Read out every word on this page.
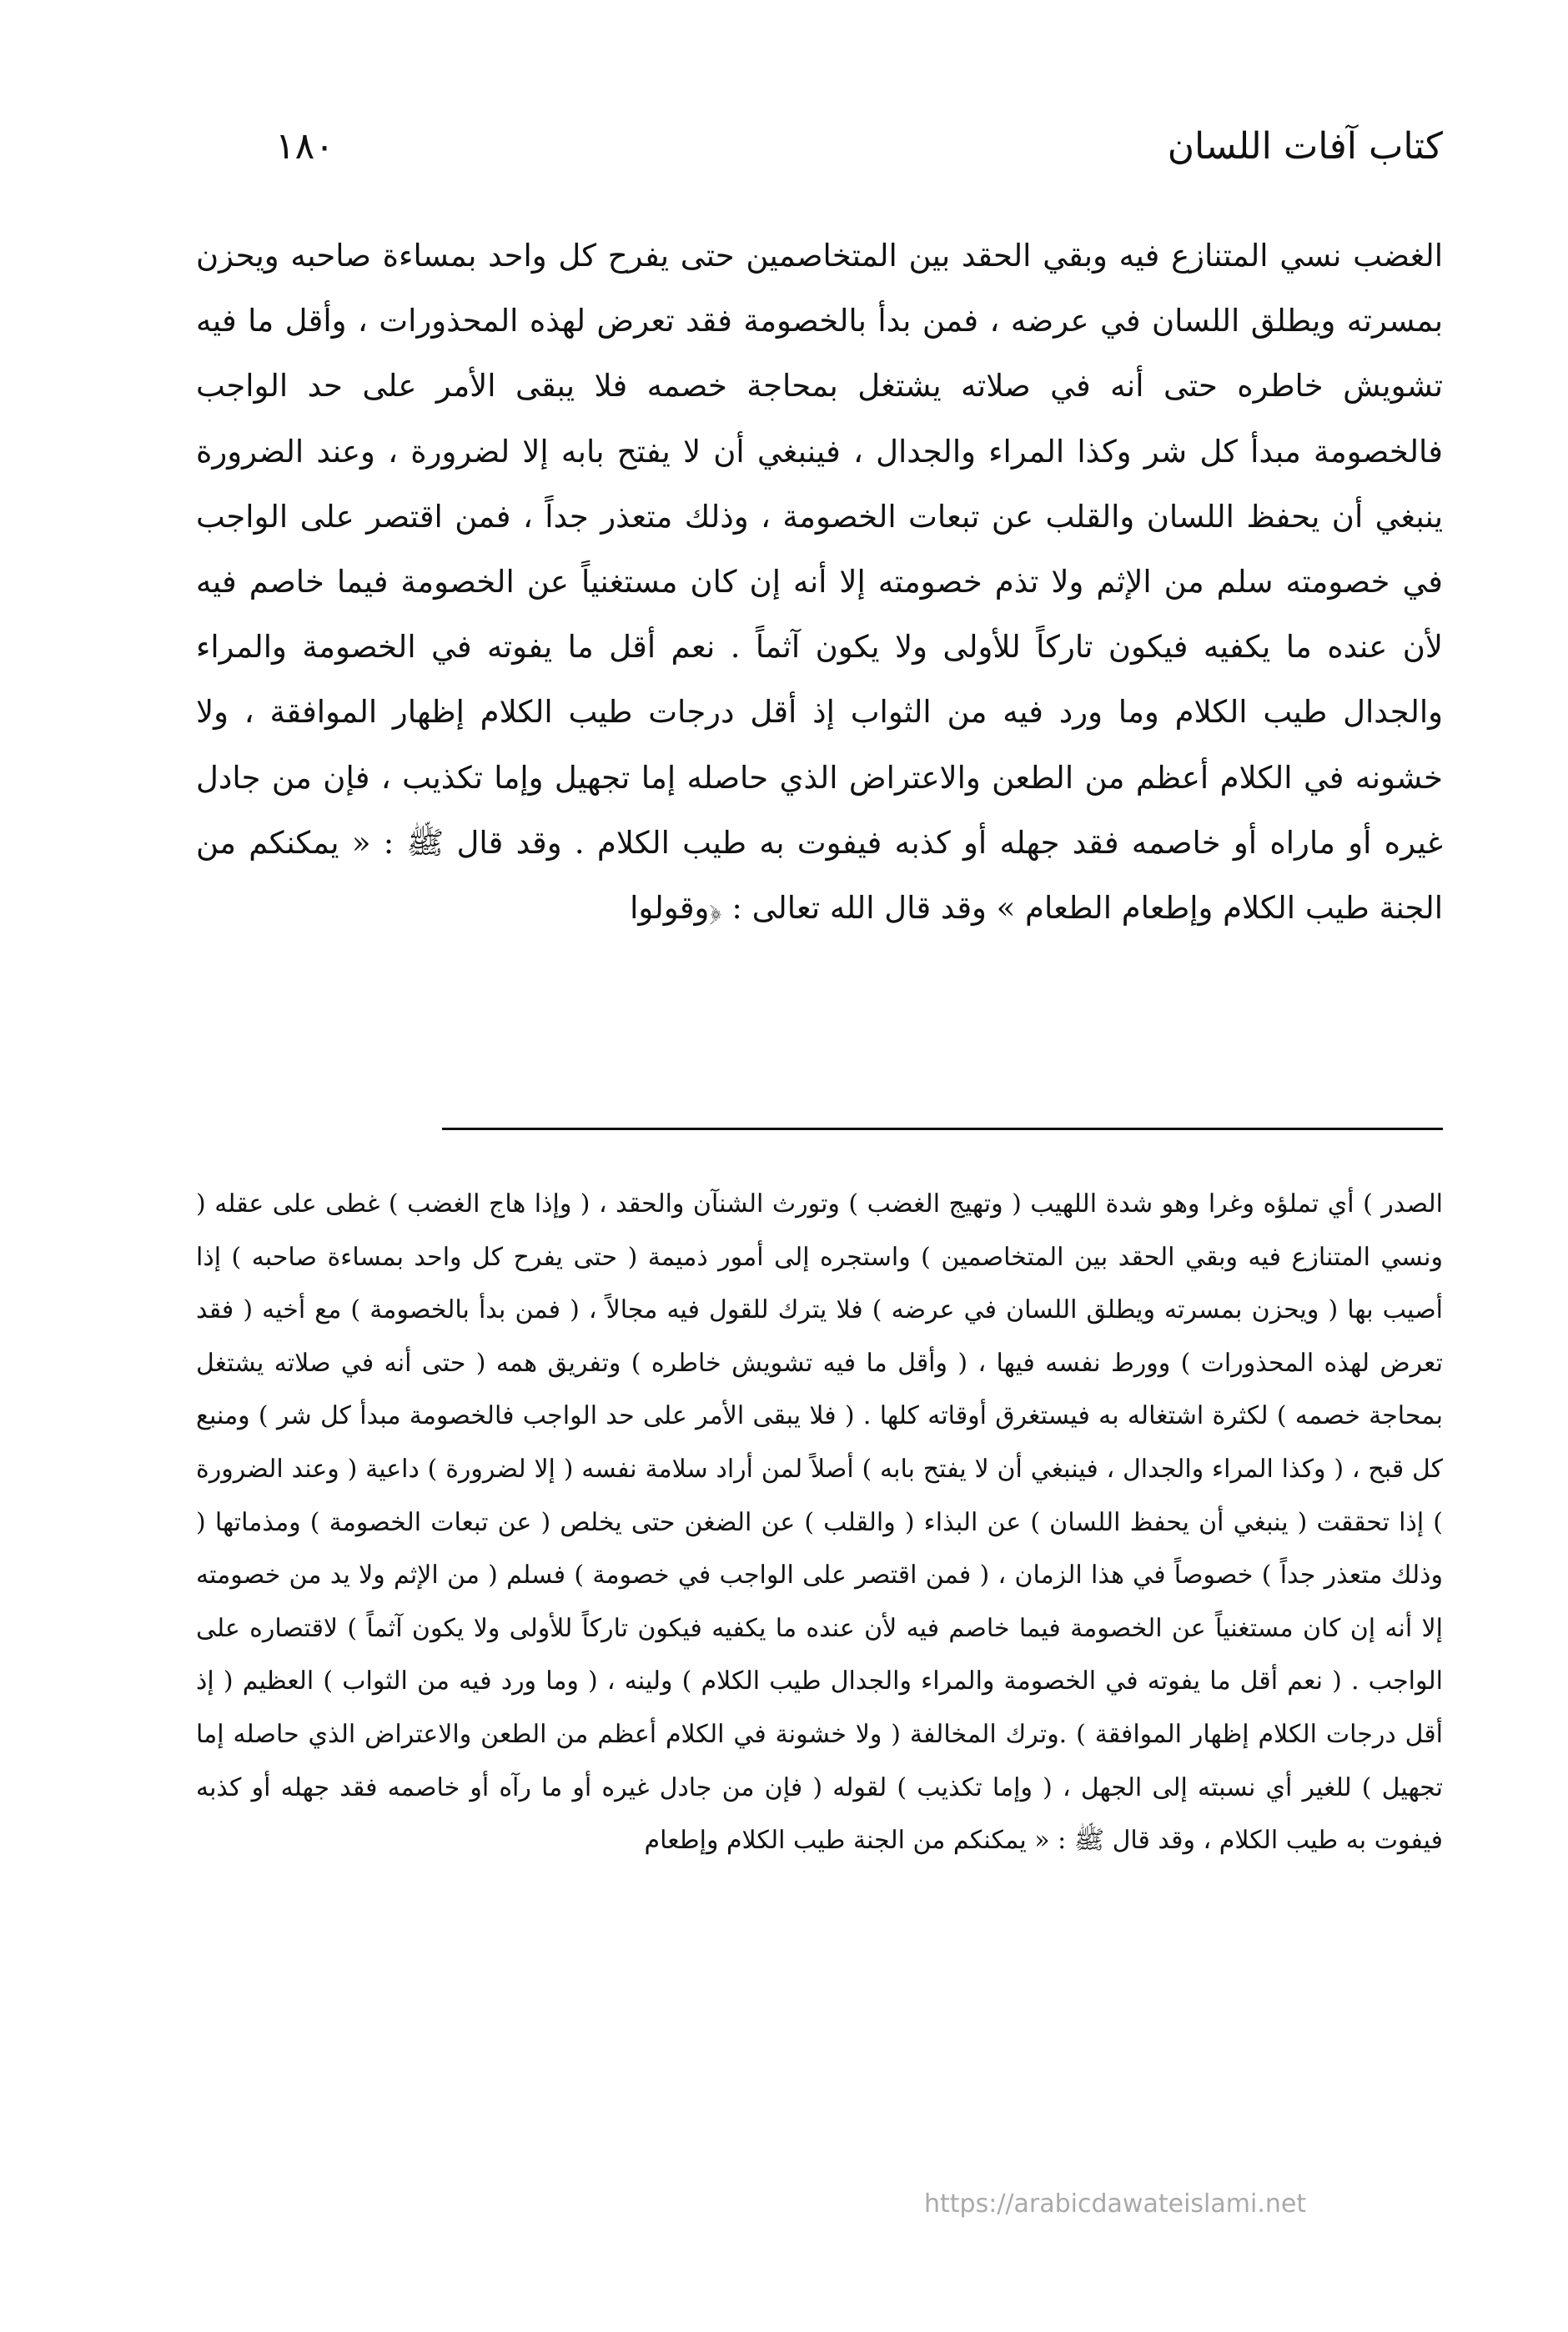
١٨٠	كتاب آفات اللسان

الغضب نسي المتنازع فيه وبقي الحقد بين المتخاصمين حتى يفرح كل واحد بمساءة صاحبه ويحزن بمسرته ويطلق اللسان في عرضه ، فمن بدأ بالخصومة فقد تعرض لهذه المحذورات ، وأقل ما فيه تشويش خاطره حتى أنه في صلاته يشتغل بمحاجة خصمه فلا يبقى الأمر على حد الواجب فالخصومة مبدأ كل شر وكذا المراء والجدال ، فينبغي أن لا يفتح بابه إلا لضرورة ، وعند الضرورة ينبغي أن يحفظ اللسان والقلب عن تبعات الخصومة ، وذلك متعذر جداً ، فمن اقتصر على الواجب في خصومته سلم من الإثم ولا تذم خصومته إلا أنه إن كان مستغنياً عن الخصومة فيما خاصم فيه لأن عنده ما يكفيه فيكون تاركاً للأولى ولا يكون آثماً . نعم أقل ما يفوته في الخصومة والمراء والجدال طيب الكلام وما ورد فيه من الثواب إذ أقل درجات طيب الكلام إظهار الموافقة ، ولا خشونه في الكلام أعظم من الطعن والاعتراض الذي حاصله إما تجهيل وإما تكذيب ، فإن من جادل غيره أو ماراه أو خاصمه فقد جهله أو كذبه فيفوت به طيب الكلام . وقد قال ﷺ : « يمكنكم من الجنة طيب الكلام وإطعام الطعام » وقد قال الله تعالى : ﴿وقولوا

الصدر ) أي تملؤه وغرا وهو شدة اللهيب ( وتهيج الغضب ) وتورث الشنآن والحقد ، ( وإذا هاج الغضب ) غطى على عقله ( ونسي المتنازع فيه وبقي الحقد بين المتخاصمين ) واستجره إلى أمور ذميمة ( حتى يفرح كل واحد بمساءة صاحبه ) إذا أصيب بها ( ويحزن بمسرته ويطلق اللسان في عرضه ) فلا يترك للقول فيه مجالاً ، ( فمن بدأ بالخصومة ) مع أخيه ( فقد تعرض لهذه المحذورات ) وورط نفسه فيها ، ( وأقل ما فيه تشويش خاطره ) وتفريق همه ( حتى أنه في صلاته يشتغل بمحاجة خصمه ) لكثرة اشتغاله به فيستغرق أوقاته كلها . ( فلا يبقى الأمر على حد الواجب فالخصومة مبدأ كل شر ) ومنبع كل قبح ، ( وكذا المراء والجدال ، فينبغي أن لا يفتح بابه ) أصلاً لمن أراد سلامة نفسه ( إلا لضرورة ) داعية ( وعند الضرورة ) إذا تحققت ( ينبغي أن يحفظ اللسان ) عن البذاء ( والقلب ) عن الضغن حتى يخلص ( عن تبعات الخصومة ) ومذماتها ( وذلك متعذر جداً ) خصوصاً في هذا الزمان ، ( فمن اقتصر على الواجب في خصومة ) فسلم ( من الإثم ولا يد من خصومته إلا أنه إن كان مستغنياً عن الخصومة فيما خاصم فيه لأن عنده ما يكفيه فيكون تاركاً للأولى ولا يكون آثماً ) لاقتصاره على الواجب . ( نعم أقل ما يفوته في الخصومة والمراء والجدال طيب الكلام ) ولينه ، ( وما ورد فيه من الثواب ) العظيم ( إذ أقل درجات الكلام إظهار الموافقة ) .وترك المخالفة ( ولا خشونة في الكلام أعظم من الطعن والاعتراض الذي حاصله إما تجهيل ) للغير أي نسبته إلى الجهل ، ( وإما تكذيب ) لقوله ( فإن من جادل غيره أو ما رآه أو خاصمه فقد جهله أو كذبه فيفوت به طيب الكلام ، وقد قال ﷺ : « يمكنكم من الجنة طيب الكلام وإطعام

https://arabicdawateislami.net
